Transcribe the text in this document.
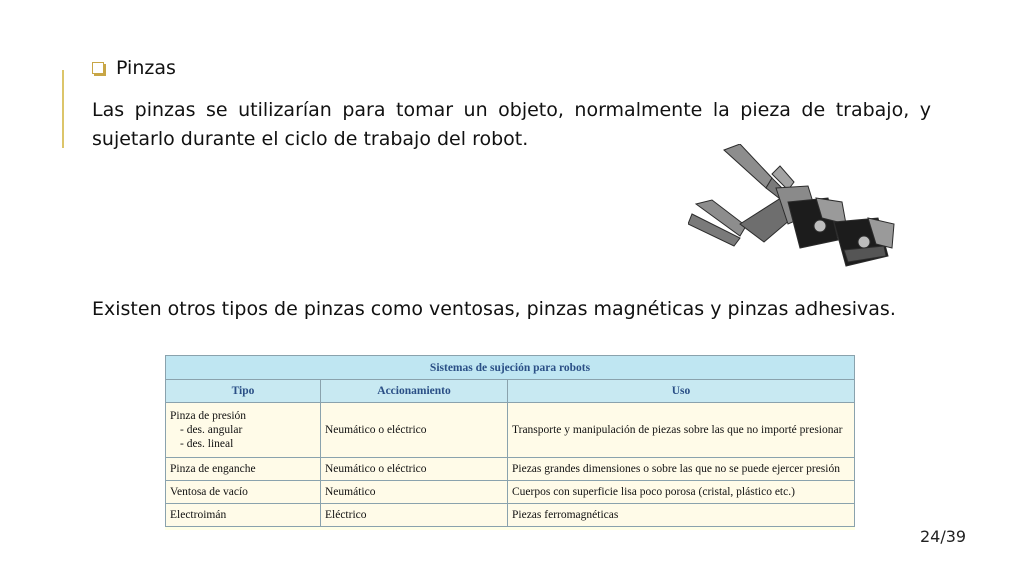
Pinzas
Las pinzas se utilizarían para tomar un objeto, normalmente la pieza de trabajo, y sujetarlo durante el ciclo de trabajo del robot.
Existen otros tipos de pinzas como ventosas, pinzas magnéticas y pinzas adhesivas.
Sistemas de sujeción para robots		
Tipo	Accionamiento	Uso

Pinza de presión
- des. angular
- des. lineal	Neumático o eléctrico	Transporte y manipulación de piezas sobre las que no importé presionar
Pinza de enganche	Neumático o eléctrico	Piezas grandes dimensiones o sobre las que no se puede ejercer presión
Ventosa de vacío	Neumático	Cuerpos con superficie lisa poco porosa (cristal, plástico etc.)
Electroimán	Eléctrico	Piezas ferromagnéticas
24/39
